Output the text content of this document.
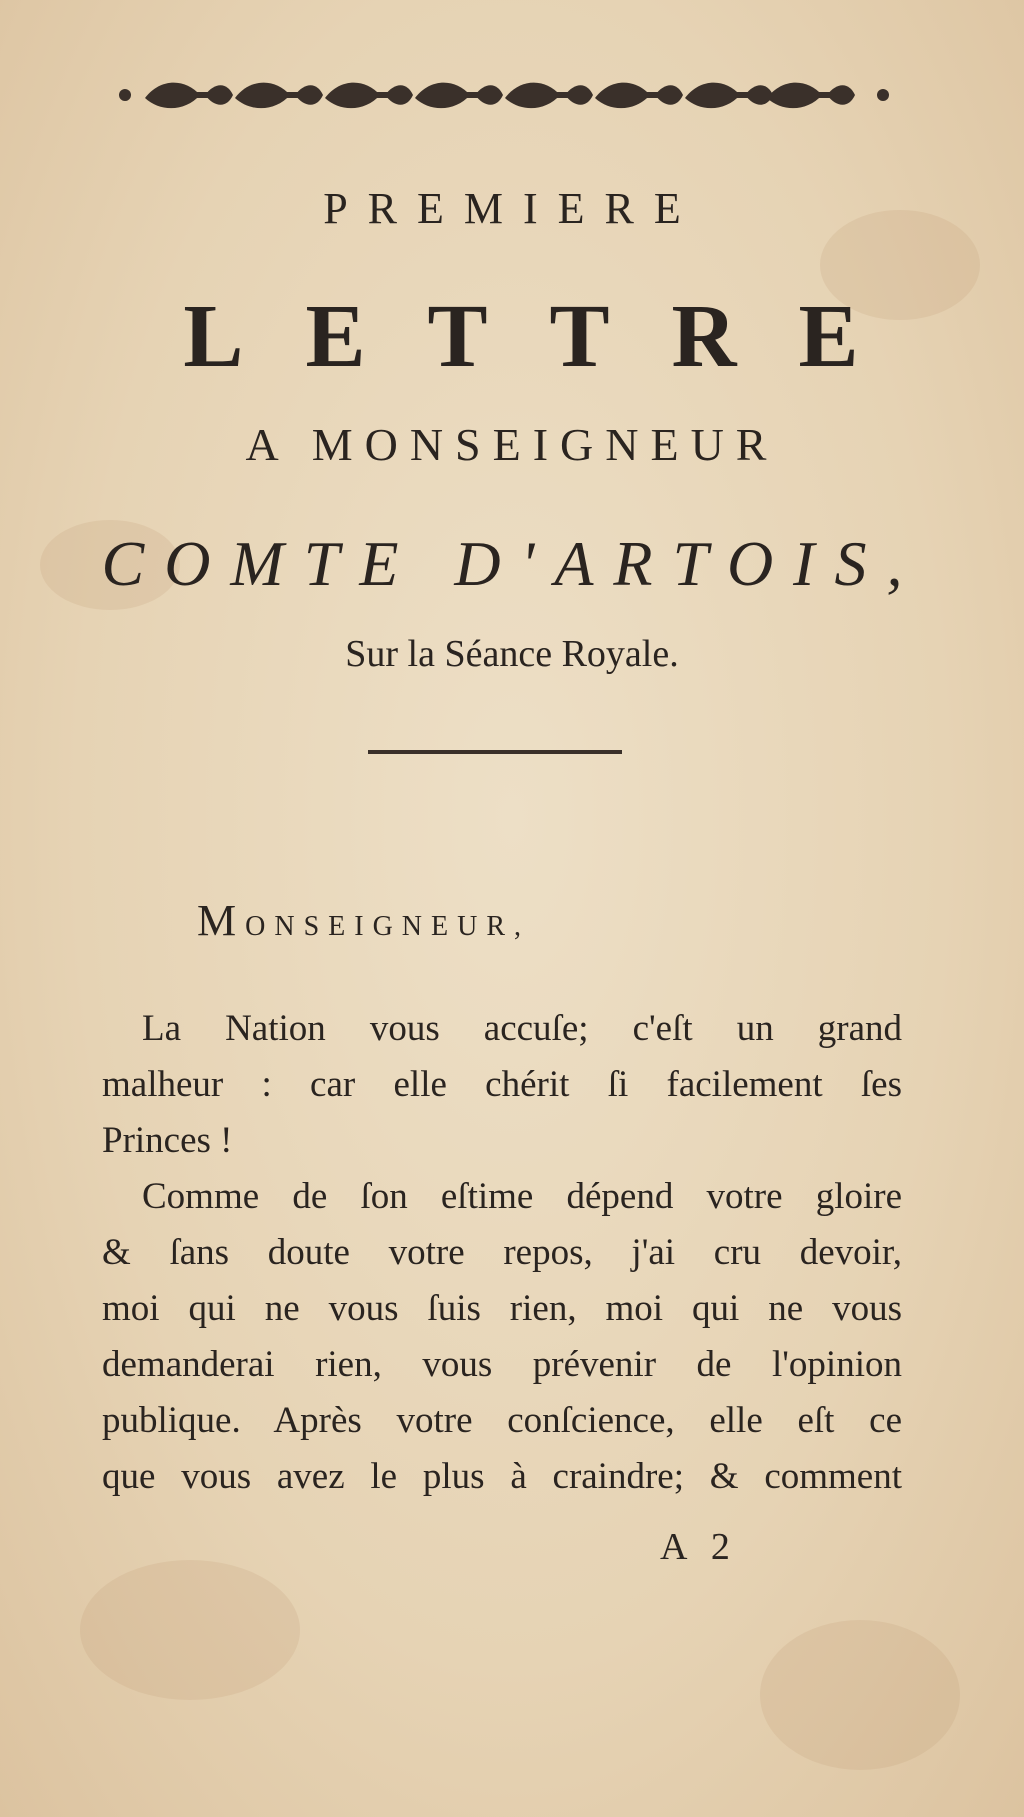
PREMIERE
LETTRE
A MONSEIGNEUR
COMTE D'ARTOIS,
Sur la Séance Royale.
MONSEIGNEUR,
La Nation vous accuſe; c'eſt un grand
malheur : car elle chérit ſi facilement ſes
Princes !
Comme de ſon eſtime dépend votre gloire
& ſans doute votre repos, j'ai cru devoir,
moi qui ne vous ſuis rien, moi qui ne vous
demanderai rien, vous prévenir de l'opinion
publique. Après votre conſcience, elle eſt ce
que vous avez le plus à craindre; & comment
A 2
